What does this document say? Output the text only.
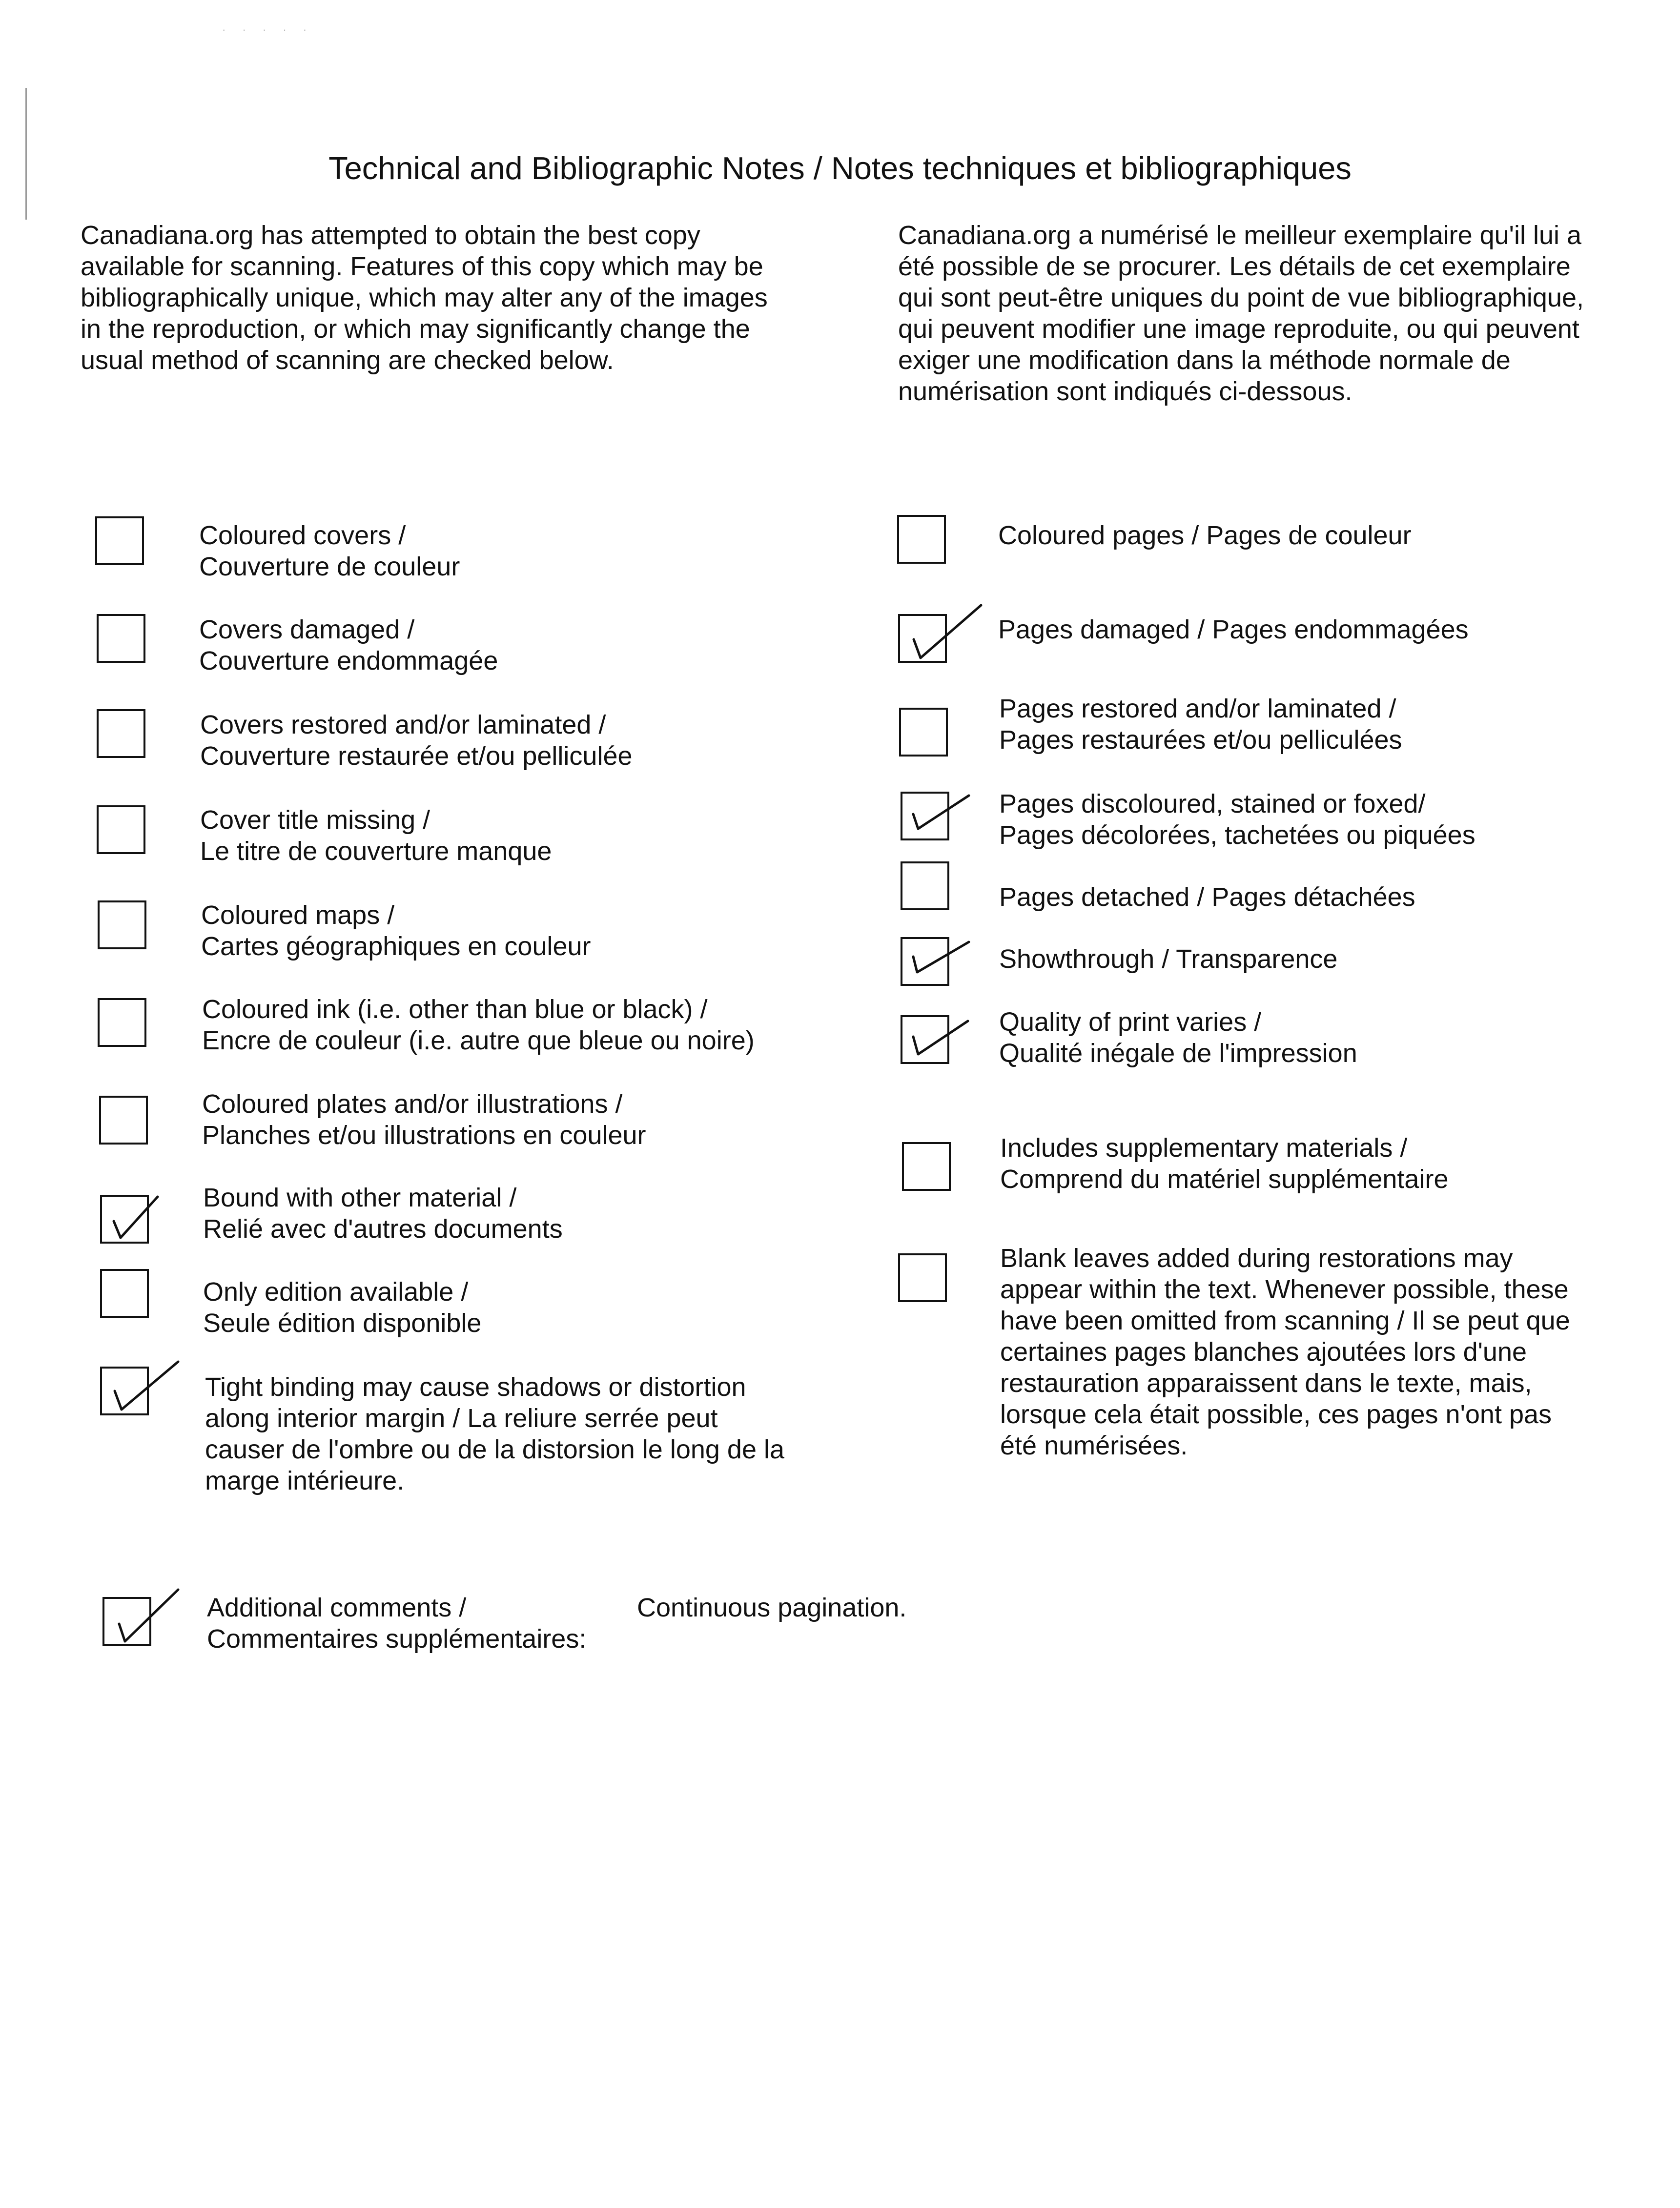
· · · · ·
Technical and Bibliographic Notes / Notes techniques et bibliographiques
Canadiana.org has attempted to obtain the best copy
available for scanning. Features of this copy which may be
bibliographically unique, which may alter any of the images
in the reproduction, or which may significantly change the
usual method of scanning are checked below.
Canadiana.org a numérisé le meilleur exemplaire qu'il lui a
été possible de se procurer. Les détails de cet exemplaire
qui sont peut-être uniques du point de vue bibliographique,
qui peuvent modifier une image reproduite, ou qui peuvent
exiger une modification dans la méthode normale de
numérisation sont indiqués ci-dessous.
Coloured covers /
Couverture de couleur
Covers damaged /
Couverture endommagée
Covers restored and/or laminated /
Couverture restaurée et/ou pelliculée
Cover title missing /
Le titre de couverture manque
Coloured maps /
Cartes géographiques en couleur
Coloured ink (i.e. other than blue or black) /
Encre de couleur (i.e. autre que bleue ou noire)
Coloured plates and/or illustrations /
Planches et/ou illustrations en couleur
Bound with other material /
Relié avec d'autres documents
Only edition available /
Seule édition disponible
Tight binding may cause shadows or distortion
along interior margin / La reliure serrée peut
causer de l'ombre ou de la distorsion le long de la
marge intérieure.
Coloured pages / Pages de couleur
Pages damaged / Pages endommagées
Pages restored and/or laminated /
Pages restaurées et/ou pelliculées
Pages discoloured, stained or foxed/
Pages décolorées, tachetées ou piquées
Pages detached / Pages détachées
Showthrough / Transparence
Quality of print varies /
Qualité inégale de l'impression
Includes supplementary materials /
Comprend du matériel supplémentaire
Blank leaves added during restorations may
appear within the text. Whenever possible, these
have been omitted from scanning / Il se peut que
certaines pages blanches ajoutées lors d'une
restauration apparaissent dans le texte, mais,
lorsque cela était possible, ces pages n'ont pas
été numérisées.
Additional comments /
Commentaires supplémentaires:
Continuous pagination.
